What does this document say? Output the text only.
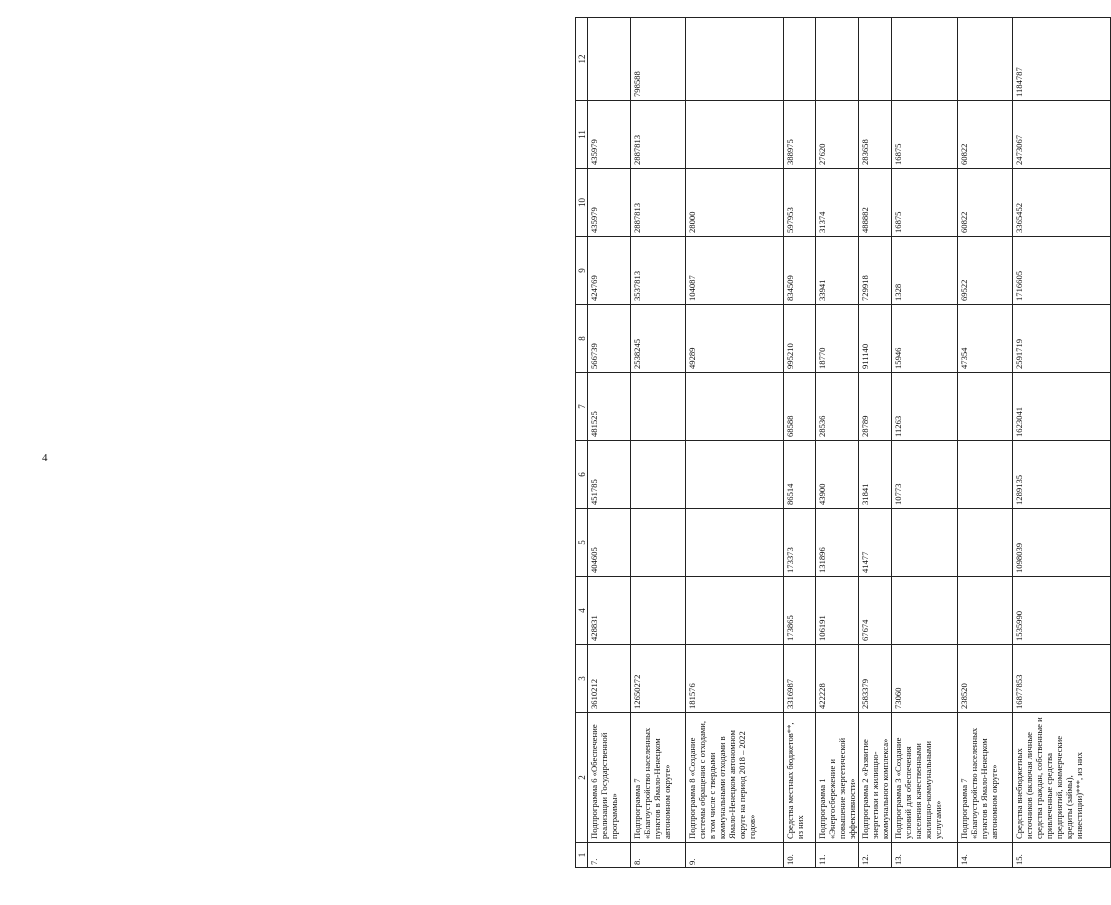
4
1	2	3	4	5	6	7	8	9	10	11	12
7.	Подпрограмма 6 «Обеспечение реализации Государственной программы»	3610212	428831	404605	451785	481525	566739	424769	435979	435979	
8.	Подпрограмма 7 «Благоустройство населенных пунктов в Ямало-Ненецком автономном округе»	12650272					2538245	3537813	2887813	2887813	798588
9.	Подпрограмма 8 «Создание системы обращения с отходами, в том числе с твердыми коммунальными отходами в Ямало-Ненецком автономном округе на период 2018 – 2022 годов»	181576					49289	104087	28000		
10.	Средства местных бюджетов**, из них	3316987	173865	173373	86514	68588	995210	834509	597953	388975	
11.	Подпрограмма 1 «Энергосбережение и повышение энергетической эффективности»	422228	106191	131896	43900	28536	18770	33941	31374	27620	
12.	Подпрограмма 2 «Развитие энергетики и жилищно-коммунального комплекса»	2583379	67674	41477	31841	28789	911140	729918	488882	283658	
13.	Подпрограмма 3 «Создание условий для обеспечения населения качественными жилищно-коммунальными услугами»	73060			10773	11263	15946	1328	16875	16875	
14.	Подпрограмма 7 «Благоустройство населенных пунктов в Ямало-Ненецком автономном округе»	238520					47354	69522	60822	60822	
15.	Средства внебюджетных источников (включая личные средства граждан, собственные и привлеченные средства предприятий, коммерческие кредиты (займы), инвестиции)***, из них	16877853	1535990	1098039	1289135	1623041	2591719	1716605	3365452	2473067	1184787
